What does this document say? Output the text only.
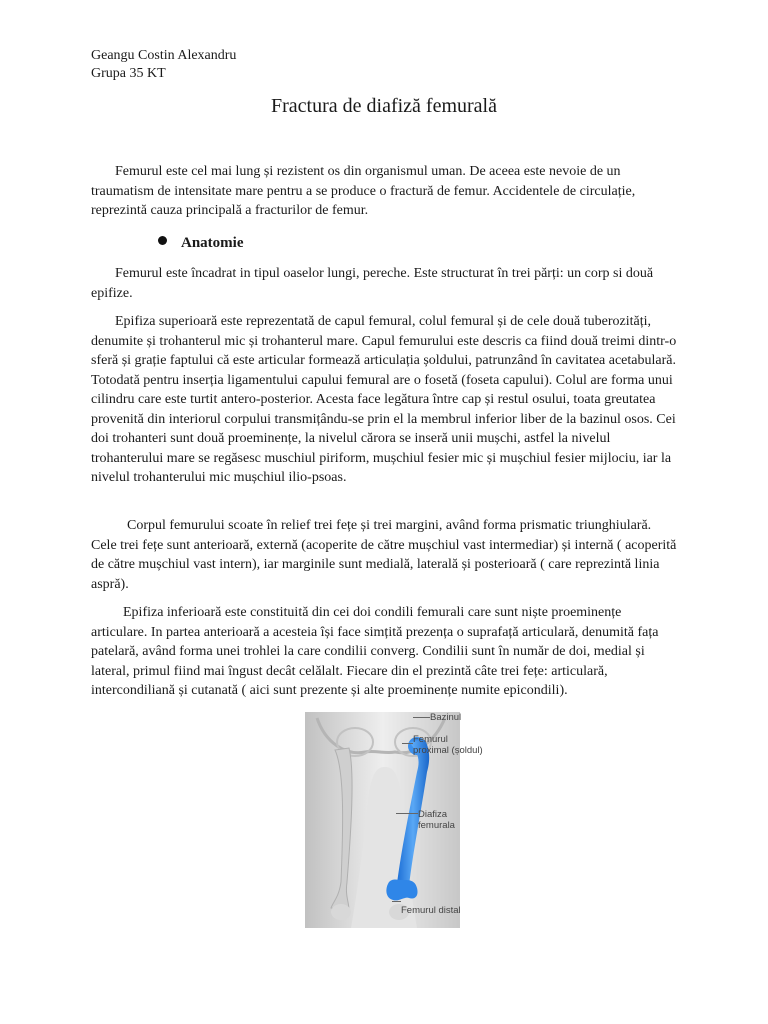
Geangu Costin Alexandru
Grupa 35 KT
Fractura de diafiză femurală
Femurul este cel mai lung și rezistent os din organismul uman. De aceea este nevoie de un traumatism de intensitate mare pentru a se produce o fractură de femur. Accidentele de circulație, reprezintă cauza principală a fracturilor de femur.
Anatomie
Femurul este încadrat in tipul oaselor lungi, pereche. Este structurat în trei părți: un corp si două epifize.
Epifiza superioară este reprezentată de capul femural, colul femural și de cele două tuberozități, denumite și trohanterul mic și trohanterul mare. Capul femurului este descris ca fiind două treimi dintr-o sferă și grație faptului că este articular formează articulația șoldului, patrunzând în cavitatea acetabulară. Totodată pentru inserția ligamentului capului femural are o fosetă (foseta capului). Colul are forma unui cilindru care este turtit antero-posterior. Acesta face legătura între cap și restul osului, toata greutatea provenită din interiorul corpului transmițându-se prin el la membrul inferior liber de la bazinul osos. Cei doi trohanteri sunt două proeminențe, la nivelul cărora se inseră unii mușchi, astfel la nivelul trohanterului mare se regăsesc muschiul piriform, mușchiul fesier mic și mușchiul fesier mijlociu, iar la nivelul trohanterului mic mușchiul ilio-psoas.
Corpul femurului scoate în relief trei fețe și trei margini, având forma prismatic triunghiulară. Cele trei fețe sunt anterioară, externă (acoperite de către mușchiul vast intermediar) și internă ( acoperită de către mușchiul vast intern), iar marginile sunt medială, laterală și posterioară ( care reprezintă linia aspră).
Epifiza inferioară este constituită din cei doi condili femurali care sunt niște proeminențe articulare. In partea anterioară a acesteia își face simțită prezența o suprafață articulară, denumită fața patelară, având forma unei trohlei la care condilii converg. Condilii sunt în număr de doi, medial și lateral, primul fiind mai îngust decât celălalt. Fiecare din el prezintă câte trei fețe: articulară, intercondiliană și cutanată ( aici sunt prezente și alte proeminențe numite epicondili).
Bazinul
Femurul proximal (șoldul)
Diafiza femurala
Femurul distal
